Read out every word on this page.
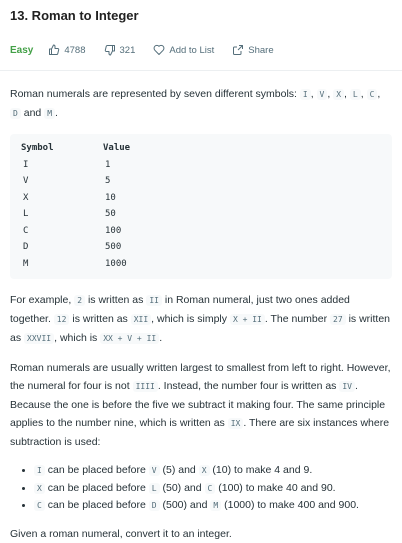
13. Roman to Integer
Easy	4788	321	Add to List	Share

Roman numerals are represented by seven different symbols: I , V , X , L , C , D and M .

Symbol	Value
I	1
V	5
X	10
L	50
C	100
D	500
M	1000

For example, 2 is written as II in Roman numeral, just two ones added together. 12 is written as XII , which is simply X + II . The number 27 is written as XXVII , which is XX + V + II .

Roman numerals are usually written largest to smallest from left to right. However, the numeral for four is not IIII . Instead, the number four is written as IV . Because the one is before the five we subtract it making four. The same principle applies to the number nine, which is written as IX . There are six instances where subtraction is used:

• I can be placed before V (5) and X (10) to make 4 and 9.
• X can be placed before L (50) and C (100) to make 40 and 90.
• C can be placed before D (500) and M (1000) to make 400 and 900.

Given a roman numeral, convert it to an integer.
